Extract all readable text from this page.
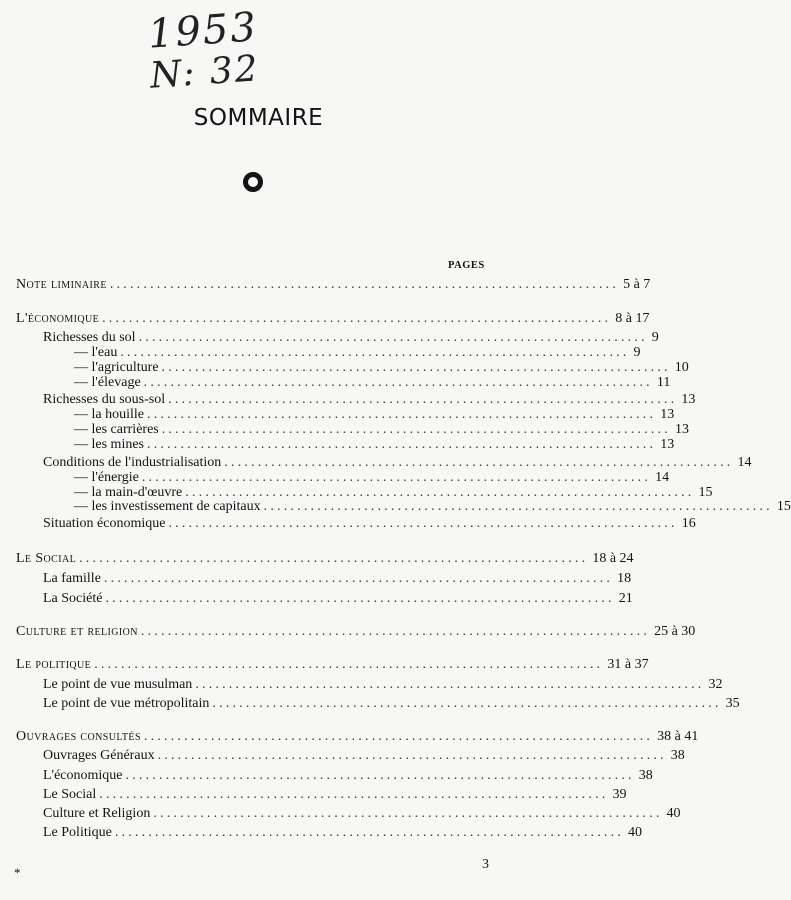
1953
N: 32
SOMMAIRE
PAGES
Note liminaire ............................................................................ 5 à 7
L'économique ............................................................................ 8 à 17
Richesses du sol ............................................................................ 9
— l'eau ............................................................................ 9
— l'agriculture ............................................................................ 10
— l'élevage ............................................................................ 11
Richesses du sous-sol ............................................................................ 13
— la houille ............................................................................ 13
— les carrières ............................................................................ 13
— les mines ............................................................................ 13
Conditions de l'industrialisation ............................................................................ 14
— l'énergie ............................................................................ 14
— la main-d'œuvre ............................................................................ 15
— les investissement de capitaux ............................................................................ 15
Situation économique ............................................................................ 16
Le Social ............................................................................ 18 à 24
La famille ............................................................................ 18
La Société ............................................................................ 21
Culture et religion ............................................................................ 25 à 30
Le politique ............................................................................ 31 à 37
Le point de vue musulman ............................................................................ 32
Le point de vue métropolitain ............................................................................ 35
Ouvrages consultés ............................................................................ 38 à 41
Ouvrages Généraux ............................................................................ 38
L'économique ............................................................................ 38
Le Social ............................................................................ 39
Culture et Religion ............................................................................ 40
Le Politique ............................................................................ 40
*
3
